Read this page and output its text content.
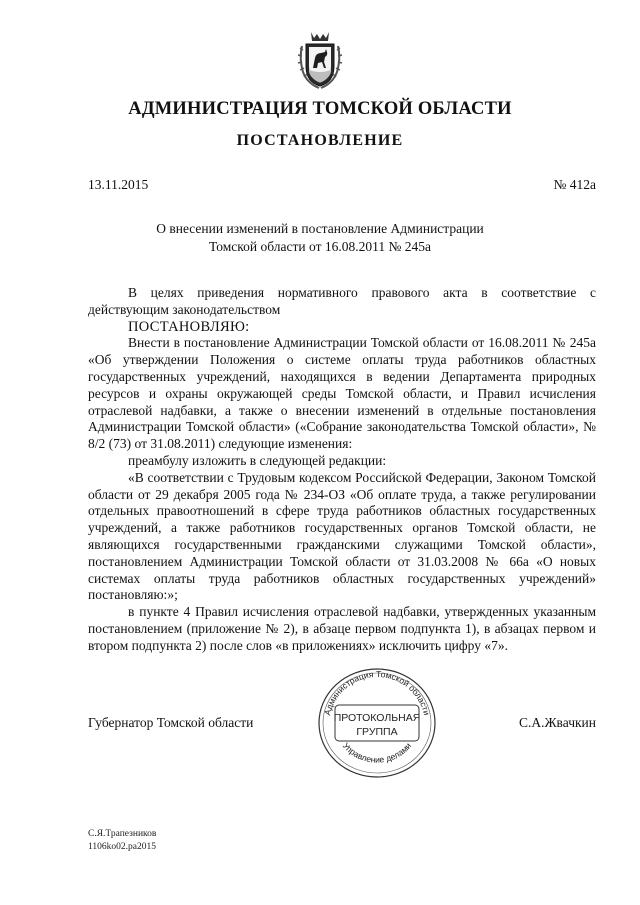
АДМИНИСТРАЦИЯ ТОМСКОЙ ОБЛАСТИ
ПОСТАНОВЛЕНИЕ
13.11.2015	№ 412а
О внесении изменений в постановление Администрации
Томской области от 16.08.2011 № 245а

В целях приведения нормативного правового акта в соответствие с действующим законодательством

ПОСТАНОВЛЯЮ:

Внести в постановление Администрации Томской области от 16.08.2011 № 245а «Об утверждении Положения о системе оплаты труда работников областных государственных учреждений, находящихся в ведении Департамента природных ресурсов и охраны окружающей среды Томской области, и Правил исчисления отраслевой надбавки, а также о внесении изменений в отдельные постановления Администрации Томской области» («Собрание законодательства Томской области», № 8/2 (73) от 31.08.2011) следующие изменения:

преамбулу изложить в следующей редакции:

«В соответствии с Трудовым кодексом Российской Федерации, Законом Томской области от 29 декабря 2005 года № 234-ОЗ «Об оплате труда, а также регулировании отдельных правоотношений в сфере труда работников областных государственных учреждений, а также работников государственных органов Томской области, не являющихся государственными гражданскими служащими Томской области», постановлением Администрации Томской области от 31.03.2008 № 66а «О новых системах оплаты труда работников областных государственных учреждений» постановляю:»;

в пункте 4 Правил исчисления отраслевой надбавки, утвержденных указанным постановлением (приложение № 2), в абзаце первом подпункта 1), в абзацах первом и втором подпункта 2) после слов «в приложениях» исключить цифру «7».

Губернатор Томской области	С.А.Жвачкин
Администрация Томской области
Управление делами
ПРОТОКОЛЬНАЯ
ГРУППА
С.Я.Трапезников
1106ko02.pa2015
